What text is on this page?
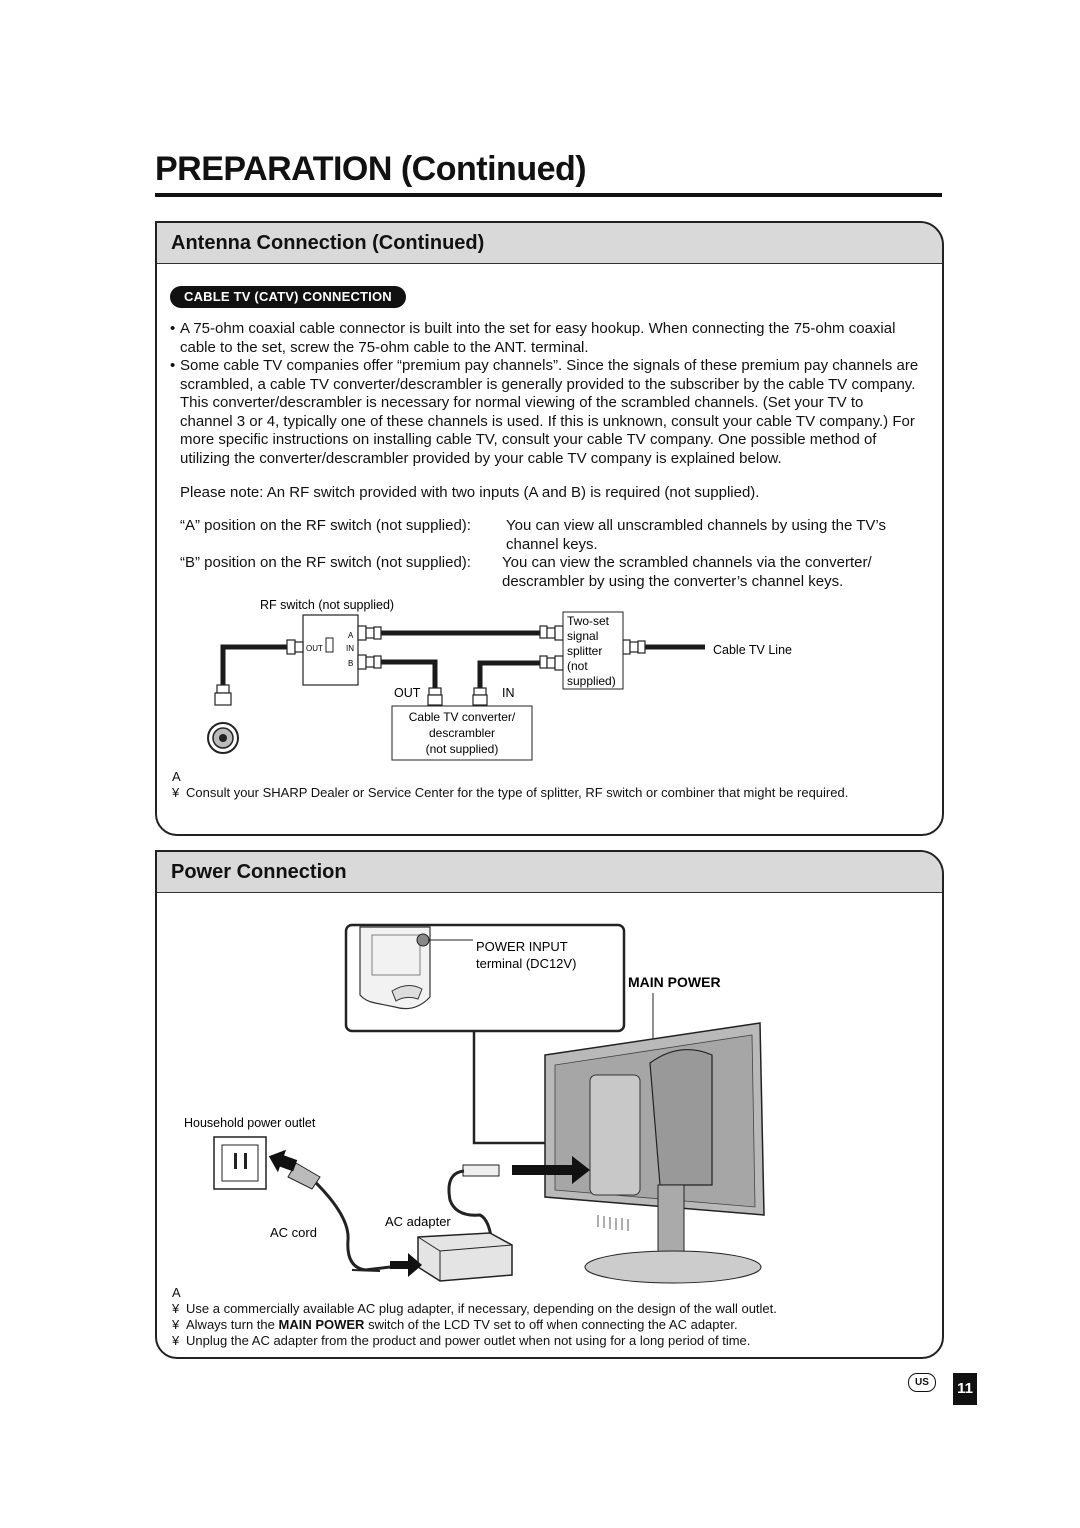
PREPARATION (Continued)
Antenna Connection (Continued)
CABLE TV (CATV) CONNECTION
• A 75-ohm coaxial cable connector is built into the set for easy hookup. When connecting the 75-ohm coaxial cable to the set, screw the 75-ohm cable to the ANT. terminal.
• Some cable TV companies offer “premium pay channels”. Since the signals of these premium pay channels are scrambled, a cable TV converter/descrambler is generally provided to the subscriber by the cable TV company. This converter/descrambler is necessary for normal viewing of the scrambled channels. (Set your TV to channel 3 or 4, typically one of these channels is used. If this is unknown, consult your cable TV company.) For more specific instructions on installing cable TV, consult your cable TV company. One possible method of utilizing the converter/descrambler provided by your cable TV company is explained below.
Please note: An RF switch provided with two inputs (A and B) is required (not supplied).
“A” position on the RF switch (not supplied): You can view all unscrambled channels by using the TV’s channel keys.
“B” position on the RF switch (not supplied): You can view the scrambled channels via the converter/ descrambler by using the converter’s channel keys.
RF switch (not supplied)
OUT
A
IN
B
Two-set
signal
splitter
(not
supplied)
Cable TV Line
OUT	IN
Cable TV converter/
descrambler
(not supplied)
A
¥ Consult your SHARP Dealer or Service Center for the type of splitter, RF switch or combiner that might be required.
Power Connection
POWER INPUT
terminal (DC12V)
MAIN POWER
AC adapter
AC cord
Household power outlet
A
¥ Use a commercially available AC plug adapter, if necessary, depending on the design of the wall outlet.
¥ Always turn the MAIN POWER switch of the LCD TV set to off when connecting the AC adapter.
¥ Unplug the AC adapter from the product and power outlet when not using for a long period of time.
US	11
